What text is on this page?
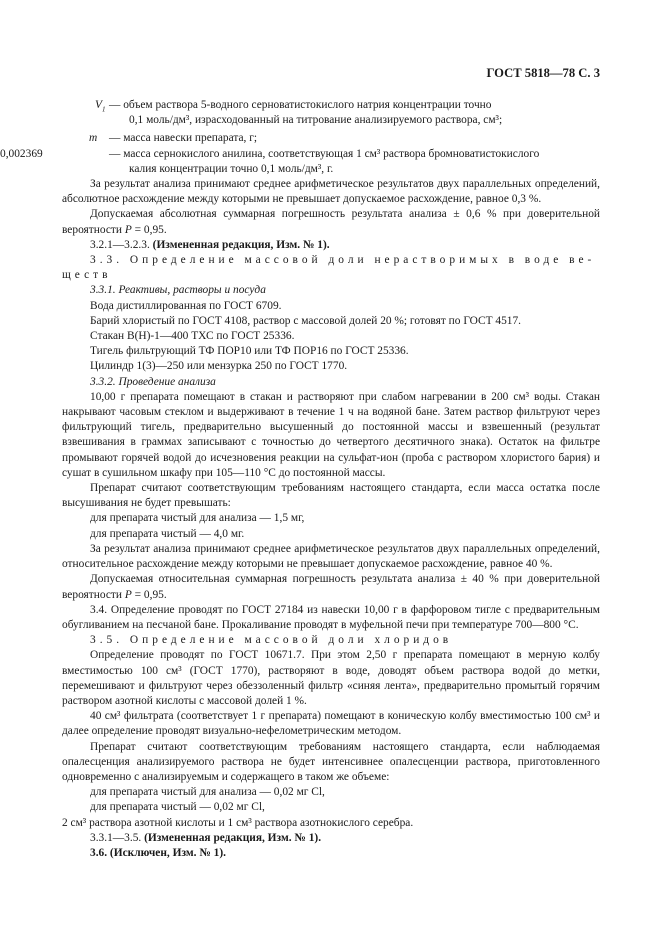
ГОСТ 5818—78 С. 3
$V_1$ — объем раствора 5-водного серноватистокислого натрия концентрации точно

0,1 моль/дм³, израсходованный на титрование анализируемого раствора, см³;

m	— масса навески препарата, г;

0,002369	— масса сернокислого анилина, соответствующая 1 см³ раствора бромноватистокислого

калия концентрации точно 0,1 моль/дм³, г.

За результат анализа принимают среднее арифметическое результатов двух параллельных определений, абсолютное расхождение между которыми не превышает допускаемое расхождение, равное 0,3 %.

Допускаемая абсолютная суммарная погрешность результата анализа ± 0,6 % при доверительной вероятности P = 0,95.

3.2.1—3.2.3. (Измененная редакция, Изм. № 1).

3.3. Определение массовой доли нерастворимых в воде ве-

ществ

3.3.1. Реактивы, растворы и посуда

Вода дистиллированная по ГОСТ 6709.

Барий хлористый по ГОСТ 4108, раствор с массовой долей 20 %; готовят по ГОСТ 4517.

Стакан В(Н)-1—400 ТХС по ГОСТ 25336.

Тигель фильтрующий ТФ ПОР10 или ТФ ПОР16 по ГОСТ 25336.

Цилиндр 1(3)—250 или мензурка 250 по ГОСТ 1770.

3.3.2. Проведение анализа

10,00 г препарата помещают в стакан и растворяют при слабом нагревании в 200 см³ воды. Стакан накрывают часовым стеклом и выдерживают в течение 1 ч на водяной бане. Затем раствор фильтруют через фильтрующий тигель, предварительно высушенный до постоянной массы и взвешенный (результат взвешивания в граммах записывают с точностью до четвертого десятичного знака). Остаток на фильтре промывают горячей водой до исчезновения реакции на сульфат-ион (проба с раствором хлористого бария) и сушат в сушильном шкафу при 105—110 °С до постоянной массы.

Препарат считают соответствующим требованиям настоящего стандарта, если масса остатка после высушивания не будет превышать:

для препарата чистый для анализа — 1,5 мг,

для препарата чистый — 4,0 мг.

За результат анализа принимают среднее арифметическое результатов двух параллельных определений, относительное расхождение между которыми не превышает допускаемое расхождение, равное 40 %.

Допускаемая относительная суммарная погрешность результата анализа ± 40 % при доверительной вероятности P = 0,95.

3.4. Определение проводят по ГОСТ 27184 из навески 10,00 г в фарфоровом тигле с предварительным обугливанием на песчаной бане. Прокаливание проводят в муфельной печи при температуре 700—800 °С.

3.5. Определение массовой доли хлоридов

Определение проводят по ГОСТ 10671.7. При этом 2,50 г препарата помещают в мерную колбу вместимостью 100 см³ (ГОСТ 1770), растворяют в воде, доводят объем раствора водой до метки, перемешивают и фильтруют через обеззоленный фильтр «синяя лента», предварительно промытый горячим раствором азотной кислоты с массовой долей 1 %.

40 см³ фильтрата (соответствует 1 г препарата) помещают в коническую колбу вместимостью 100 см³ и далее определение проводят визуально-нефелометрическим методом.

Препарат считают соответствующим требованиям настоящего стандарта, если наблюдаемая опалесценция анализируемого раствора не будет интенсивнее опалесценции раствора, приготовленного одновременно с анализируемым и содержащего в таком же объеме:

для препарата чистый для анализа — 0,02 мг Cl,

для препарата чистый — 0,02 мг Cl,

2 см³ раствора азотной кислоты и 1 см³ раствора азотнокислого серебра.

3.3.1—3.5. (Измененная редакция, Изм. № 1).

3.6. (Исключен, Изм. № 1).
